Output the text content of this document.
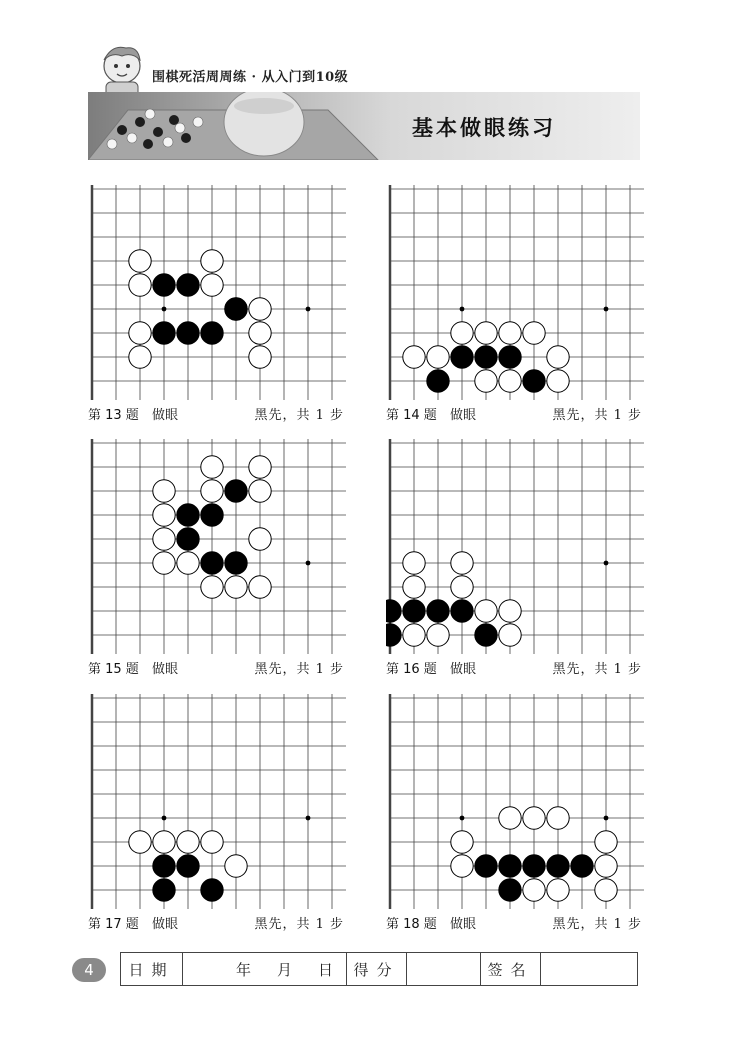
围棋死活周周练 · 从入门到10级
基本做眼练习
第 13 题 做眼	黑先，共 1 步	第 14 题 做眼	黑先，共 1 步
第 15 题 做眼	黑先，共 1 步	第 16 题 做眼	黑先，共 1 步
第 17 题 做眼	黑先，共 1 步	第 18 题 做眼	黑先，共 1 步
4	日期	年 月 日	得分	签名
